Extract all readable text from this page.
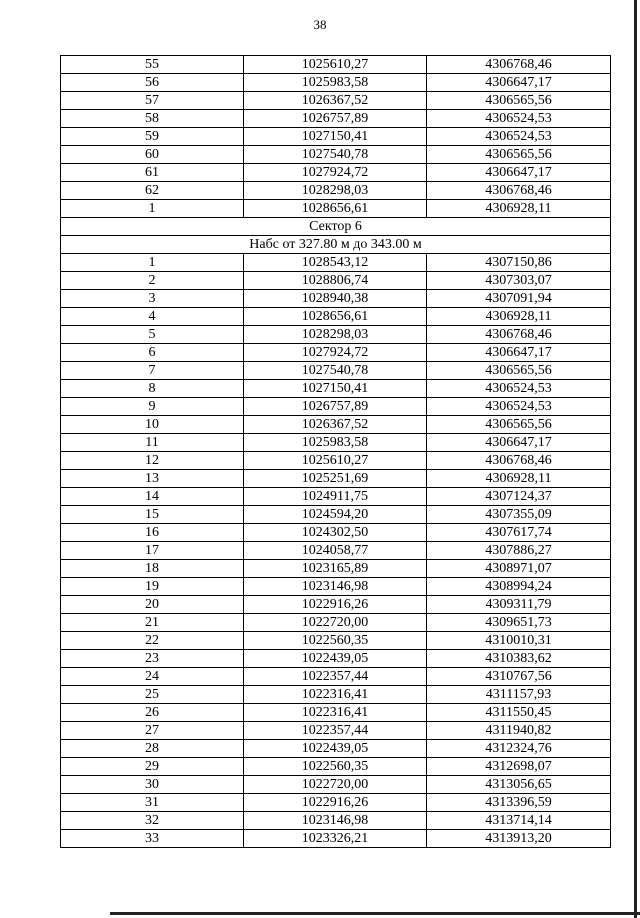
38
55	1025610,27	4306768,46
56	1025983,58	4306647,17
57	1026367,52	4306565,56
58	1026757,89	4306524,53
59	1027150,41	4306524,53
60	1027540,78	4306565,56
61	1027924,72	4306647,17
62	1028298,03	4306768,46
1	1028656,61	4306928,11
Сектор 6		
Набс от 327.80 м до 343.00 м		
1	1028543,12	4307150,86
2	1028806,74	4307303,07
3	1028940,38	4307091,94
4	1028656,61	4306928,11
5	1028298,03	4306768,46
6	1027924,72	4306647,17
7	1027540,78	4306565,56
8	1027150,41	4306524,53
9	1026757,89	4306524,53
10	1026367,52	4306565,56
11	1025983,58	4306647,17
12	1025610,27	4306768,46
13	1025251,69	4306928,11
14	1024911,75	4307124,37
15	1024594,20	4307355,09
16	1024302,50	4307617,74
17	1024058,77	4307886,27
18	1023165,89	4308971,07
19	1023146,98	4308994,24
20	1022916,26	4309311,79
21	1022720,00	4309651,73
22	1022560,35	4310010,31
23	1022439,05	4310383,62
24	1022357,44	4310767,56
25	1022316,41	4311157,93
26	1022316,41	4311550,45
27	1022357,44	4311940,82
28	1022439,05	4312324,76
29	1022560,35	4312698,07
30	1022720,00	4313056,65
31	1022916,26	4313396,59
32	1023146,98	4313714,14
33	1023326,21	4313913,20
